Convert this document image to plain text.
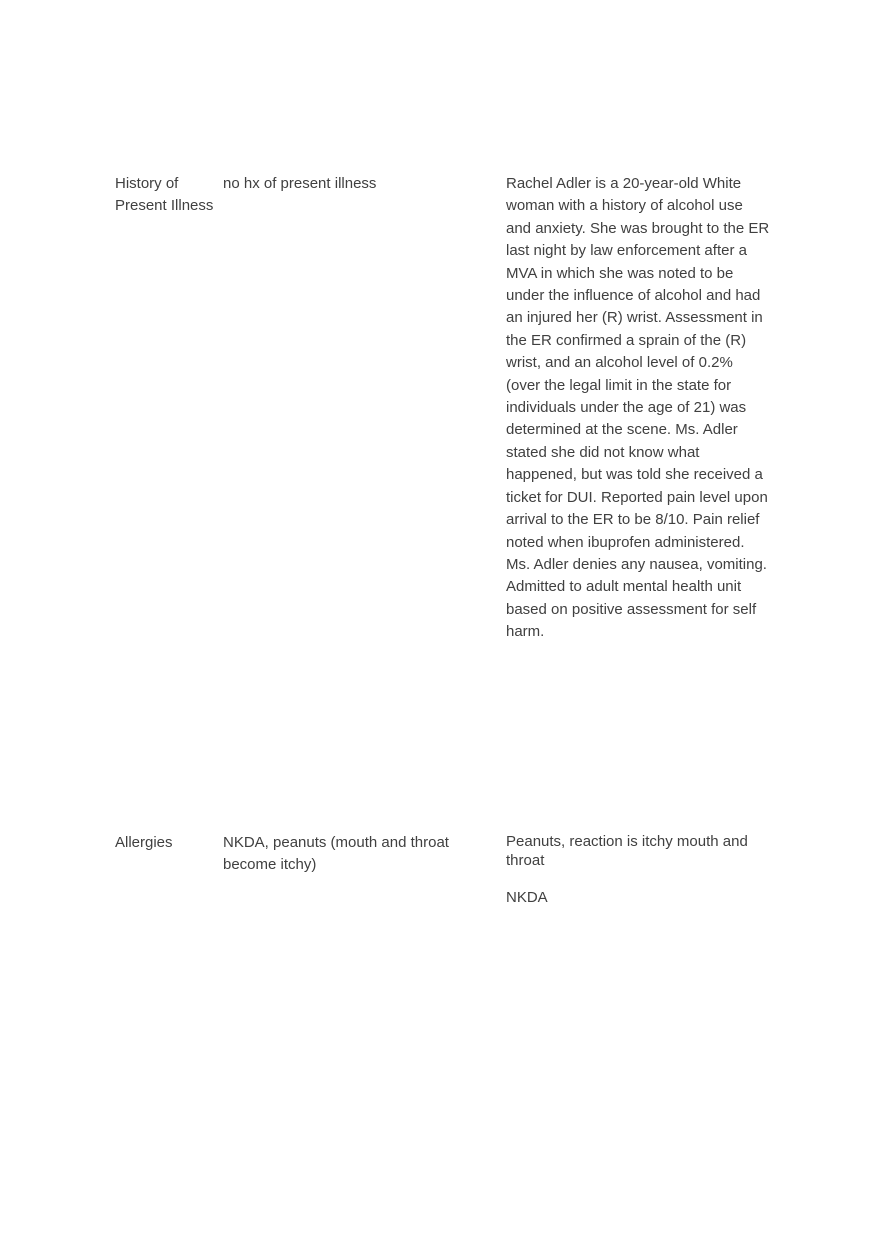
History of Present Illness
no hx of present illness	Rachel Adler is a 20-year-old White woman with a history of alcohol use and anxiety. She was brought to the ER last night by law enforcement after a MVA in which she was noted to be under the influence of alcohol and had an injured her (R) wrist. Assessment in the ER confirmed a sprain of the (R) wrist, and an alcohol level of 0.2% (over the legal limit in the state for individuals under the age of 21) was determined at the scene. Ms. Adler stated she did not know what happened, but was told she received a ticket for DUI. Reported pain level upon arrival to the ER to be 8/10. Pain relief noted when ibuprofen administered. Ms. Adler denies any nausea, vomiting. Admitted to adult mental health unit based on positive assessment for self harm.

Allergies	NKDA, peanuts (mouth and throat become itchy)

Peanuts, reaction is itchy mouth and throat

NKDA
